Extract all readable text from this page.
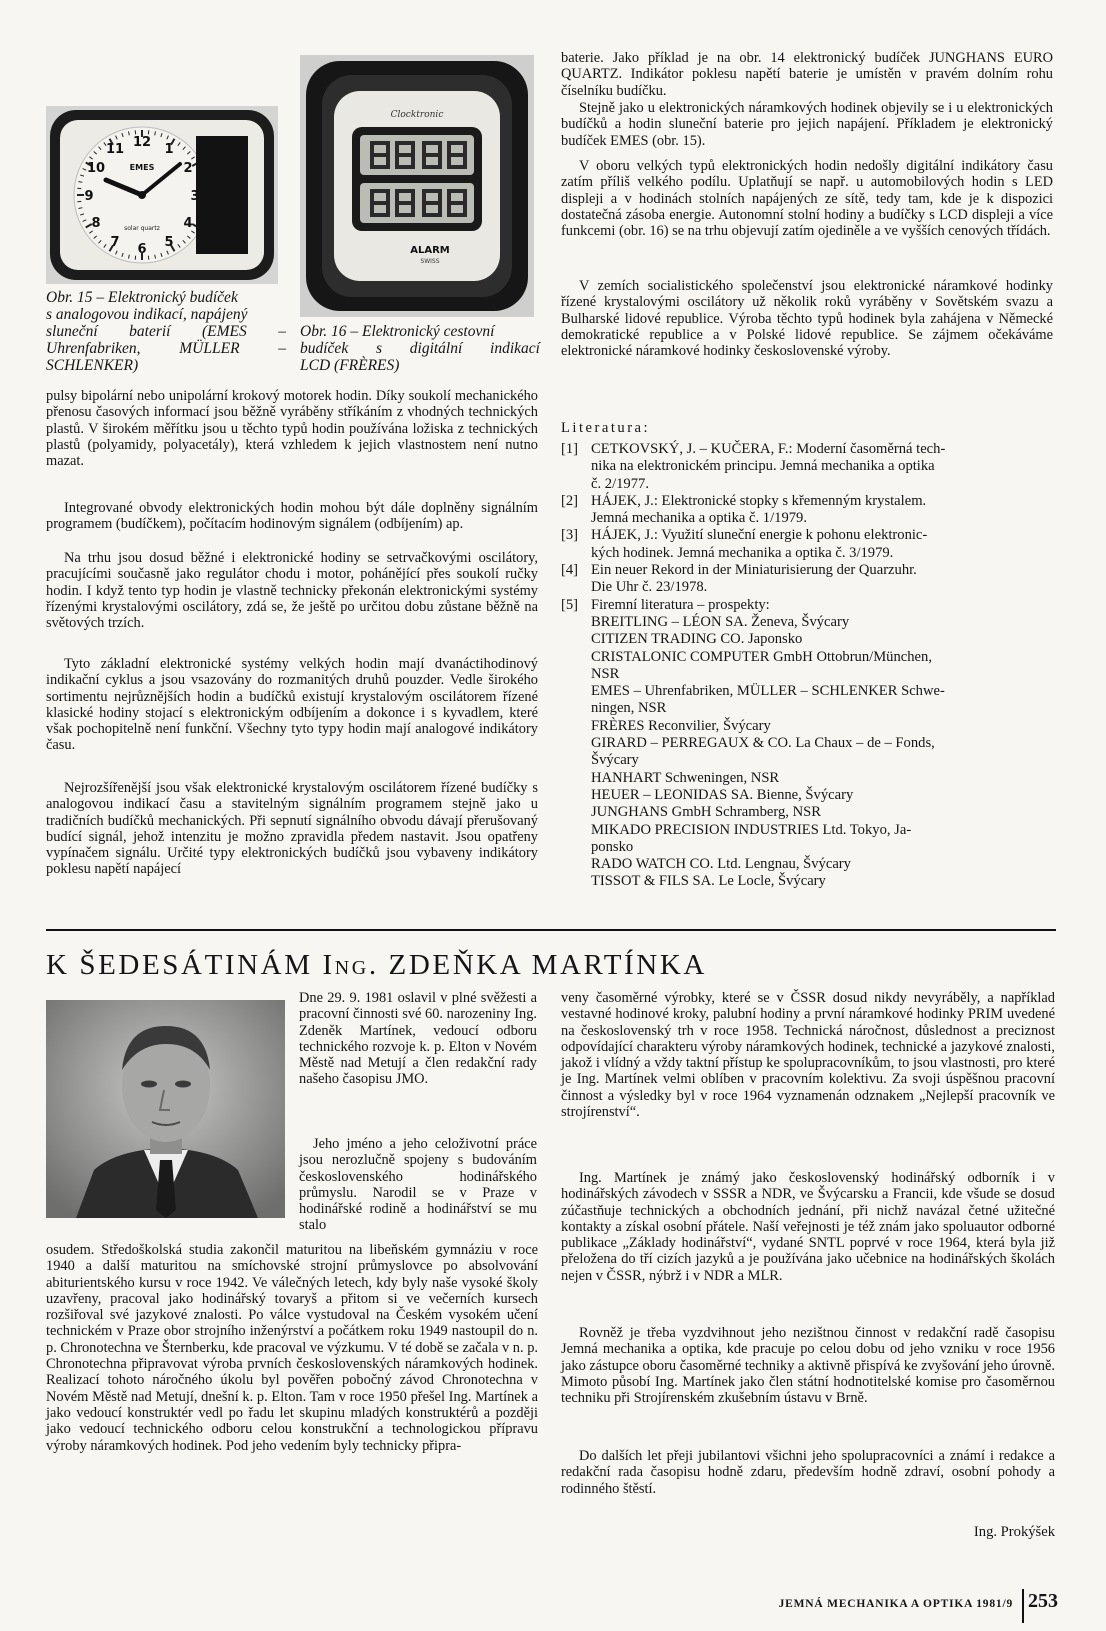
12 1
2
3
4
5
6
7
8
9
10
11
EMES
solar quartz
Obr. 15 – Elektronický budíček
s analogovou indikací, napájený
sluneční baterií (EMES –
Uhrenfabriken, MÜLLER –
SCHLENKER)
Clocktronic
ALARM
SWISS
Obr. 16 – Elektronický cestovní
budíček s digitální indikací
LCD (FRÈRES)

pulsy bipolární nebo unipolární krokový motorek hodin. Díky soukolí mechanického přenosu časových informací jsou běžně vyráběny stříkáním z vhodných technických plastů. V širokém měřítku jsou u těchto typů hodin používána ložiska z technických plastů (polyamidy, polyacetály), která vzhledem k jejich vlastnostem není nutno mazat.

Integrované obvody elektronických hodin mohou být dále doplněny signálním programem (budíčkem), počítacím hodinovým signálem (odbíjením) ap.

Na trhu jsou dosud běžné i elektronické hodiny se setrvačkovými oscilátory, pracujícími současně jako regulátor chodu i motor, pohánějící přes soukolí ručky hodin. I když tento typ hodin je vlastně technicky překonán elektronickými systémy řízenými krystalovými oscilátory, zdá se, že ještě po určitou dobu zůstane běžně na světových trzích.

Tyto základní elektronické systémy velkých hodin mají dvanáctihodinový indikační cyklus a jsou vsazovány do rozmanitých druhů pouzder. Vedle širokého sortimentu nejrůznějších hodin a budíčků existují krystalovým oscilátorem řízené klasické hodiny stojací s elektronickým odbíjením a dokonce i s kyvadlem, které však pochopitelně není funkční. Všechny tyto typy hodin mají analogové indikátory času.

Nejrozšířenější jsou však elektronické krystalovým oscilátorem řízené budíčky s analogovou indikací času a stavitelným signálním programem stejně jako u tradičních budíčků mechanických. Při sepnutí signálního obvodu dávají přerušovaný budící signál, jehož intenzitu je možno zpravidla předem nastavit. Jsou opatřeny vypínačem signálu. Určité typy elektronických budíčků jsou vybaveny indikátory poklesu napětí napájecí

baterie. Jako příklad je na obr. 14 elektronický budíček JUNGHANS EURO QUARTZ. Indikátor poklesu napětí baterie je umístěn v pravém dolním rohu číselníku budíčku.

Stejně jako u elektronických náramkových hodinek objevily se i u elektronických budíčků a hodin sluneční baterie pro jejich napájení. Příkladem je elektronický budíček EMES (obr. 15).

V oboru velkých typů elektronických hodin nedošly digitální indikátory času zatím příliš velkého podílu. Uplatňují se např. u automobilových hodin s LED displeji a v hodinách stolních napájených ze sítě, tedy tam, kde je k dispozici dostatečná zásoba energie. Autonomní stolní hodiny a budíčky s LCD displeji a více funkcemi (obr. 16) se na trhu objevují zatím ojediněle a ve vyšších cenových třídách.

V zemích socialistického společenství jsou elektronické náramkové hodinky řízené krystalovými oscilátory už několik roků vyráběny v Sovětském svazu a Bulharské lidové republice. Výroba těchto typů hodinek byla zahájena v Německé demokratické republice a v Polské lidové republice. Se zájmem očekáváme elektronické náramkové hodinky československé výroby.

Literatura:
[1] CETKOVSKÝ, J. – KUČERA, F.: Moderní časoměrná tech-
nika na elektronickém principu. Jemná mechanika a optika
č. 2/1977.
[2] HÁJEK, J.: Elektronické stopky s křemenným krystalem.
Jemná mechanika a optika č. 1/1979.
[3] HÁJEK, J.: Využití sluneční energie k pohonu elektronic-
kých hodinek. Jemná mechanika a optika č. 3/1979.
[4] Ein neuer Rekord in der Miniaturisierung der Quarzuhr.
Die Uhr č. 23/1978.
[5] Firemní literatura – prospekty:
BREITLING – LÉON SA. Ženeva, Švýcary
CITIZEN TRADING CO. Japonsko
CRISTALONIC COMPUTER GmbH Ottobrun/München,
NSR
EMES – Uhrenfabriken, MÜLLER – SCHLENKER Schwe-
ningen, NSR
FRÈRES Reconvilier, Švýcary
GIRARD – PERREGAUX & CO. La Chaux – de – Fonds,
Švýcary
HANHART Schweningen, NSR
HEUER – LEONIDAS SA. Bienne, Švýcary
JUNGHANS GmbH Schramberg, NSR
MIKADO PRECISION INDUSTRIES Ltd. Tokyo, Ja-
ponsko
RADO WATCH CO. Ltd. Lengnau, Švýcary
TISSOT & FILS SA. Le Locle, Švýcary
K ŠEDESÁTINÁM Ing. ZDEŇKA MARTÍNKA

Dne 29. 9. 1981 oslavil v plné svěžesti a pracovní činnosti své 60. narozeniny Ing. Zdeněk Martínek, vedoucí odboru technického rozvoje k. p. Elton v Novém Městě nad Metují a člen redakční rady našeho časopisu JMO.

Jeho jméno a jeho celoživotní práce jsou nerozlučně spojeny s budováním československého hodinářského průmyslu. Narodil se v Praze v hodinářské rodině a hodinářství se mu stalo

osudem. Středoškolská studia zakončil maturitou na libeňském gymnáziu v roce 1940 a další maturitou na smíchovské strojní průmyslovce po absolvování abiturientského kursu v roce 1942. Ve válečných letech, kdy byly naše vysoké školy uzavřeny, pracoval jako hodinářský tovaryš a přitom si ve večerních kursech rozšiřoval své jazykové znalosti. Po válce vystudoval na Českém vysokém učení technickém v Praze obor strojního inženýrství a počátkem roku 1949 nastoupil do n. p. Chronotechna ve Šternberku, kde pracoval ve výzkumu. V té době se začala v n. p. Chronotechna připravovat výroba prvních československých náramkových hodinek. Realizací tohoto náročného úkolu byl pověřen pobočný závod Chronotechna v Novém Městě nad Metují, dnešní k. p. Elton. Tam v roce 1950 přešel Ing. Martínek a jako vedoucí konstruktér vedl po řadu let skupinu mladých konstruktérů a později jako vedoucí technického odboru celou konstrukční a technologickou přípravu výroby náramkových hodinek. Pod jeho vedením byly technicky připra-

veny časoměrné výrobky, které se v ČSSR dosud nikdy nevyráběly, a například vestavné hodinové kroky, palubní hodiny a první náramkové hodinky PRIM uvedené na československý trh v roce 1958. Technická náročnost, důslednost a preciznost odpovídající charakteru výroby náramkových hodinek, technické a jazykové znalosti, jakož i vlídný a vždy taktní přístup ke spolupracovníkům, to jsou vlastnosti, pro které je Ing. Martínek velmi oblíben v pracovním kolektivu. Za svoji úspěšnou pracovní činnost a výsledky byl v roce 1964 vyznamenán odznakem „Nejlepší pracovník ve strojírenství“.

Ing. Martínek je známý jako československý hodinářský odborník i v hodinářských závodech v SSSR a NDR, ve Švýcarsku a Francii, kde všude se dosud zúčastňuje technických a obchodních jednání, při nichž navázal četné užitečné kontakty a získal osobní přátele. Naší veřejnosti je též znám jako spoluautor odborné publikace „Základy hodinářství“, vydané SNTL poprvé v roce 1964, která byla již přeložena do tří cizích jazyků a je používána jako učebnice na hodinářských školách nejen v ČSSR, nýbrž i v NDR a MLR.

Rovněž je třeba vyzdvihnout jeho nezištnou činnost v redakční radě časopisu Jemná mechanika a optika, kde pracuje po celou dobu od jeho vzniku v roce 1956 jako zástupce oboru časoměrné techniky a aktivně přispívá ke zvyšování jeho úrovně. Mimoto působí Ing. Martínek jako člen státní hodnotitelské komise pro časoměrnou techniku při Strojírenském zkušebním ústavu v Brně.

Do dalších let přeji jubilantovi všichni jeho spolupracovníci a známí i redakce a redakční rada časopisu hodně zdaru, především hodně zdraví, osobní pohody a rodinného štěstí.

Ing. Prokýšek
JEMNÁ MECHANIKA A OPTIKA 1981/9 253
